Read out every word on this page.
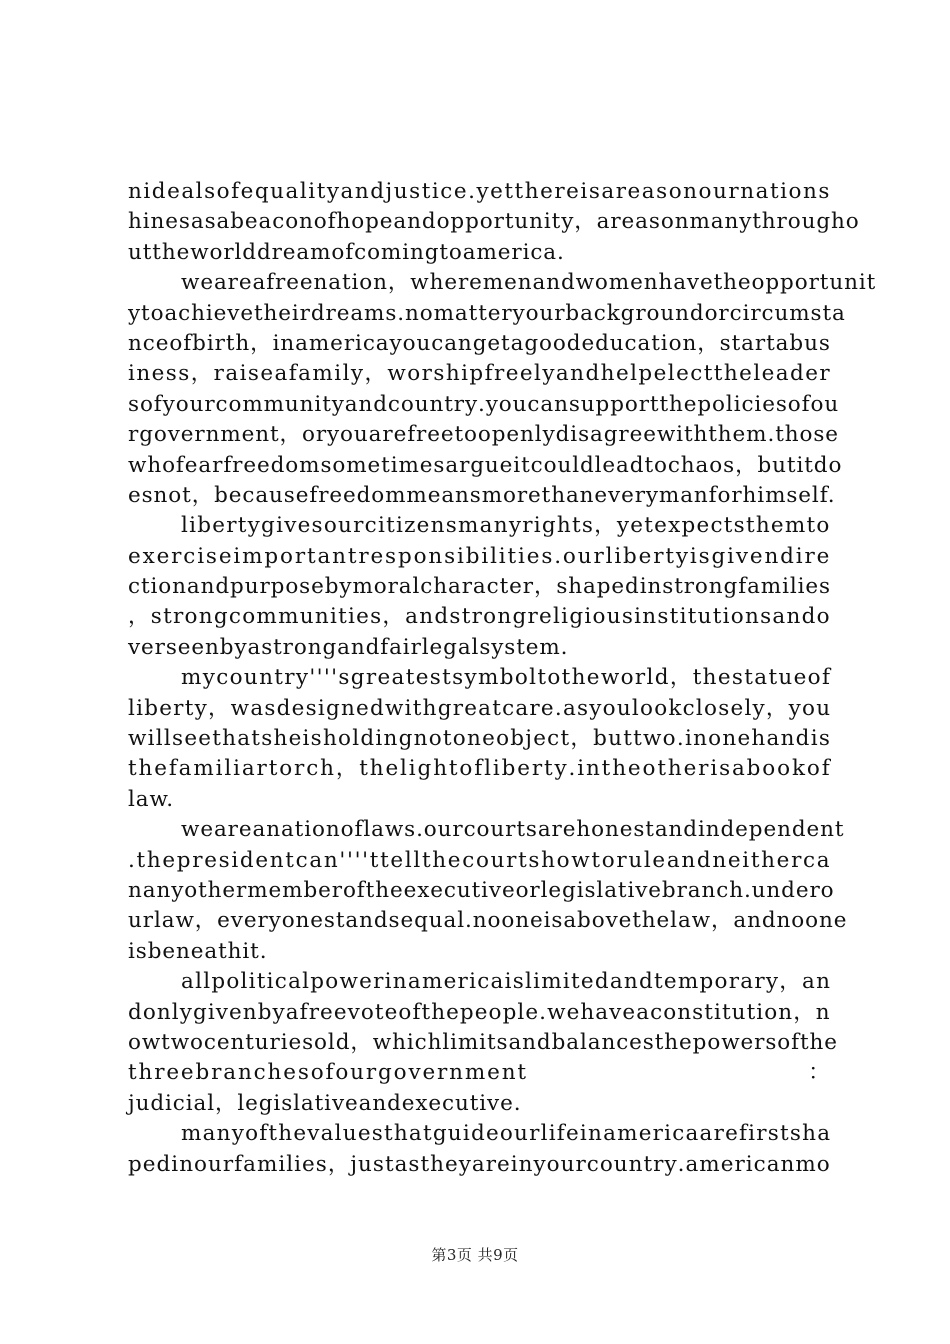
n i d e a l s o f e q u a l i t y a n d j u s t i c e . y e t t h e r e i s a r e a s o n o u r n a t i o n s
h i n e s a s a b e a c o n o f h o p e a n d o p p o r t u n i t y ， a r e a s o n m a n y t h r o u g h o
uttheworlddreamofcomingtoamerica.
w e a r e a f r e e n a t i o n ， w h e r e m e n a n d w o m e n h a v e t h e o p p o r t u n i t
y t o a c h i e v e t h e i r d r e a m s . n o m a t t e r y o u r b a c k g r o u n d o r c i r c u m s t a
n c e o f b i r t h ， i n a m e r i c a y o u c a n g e t a g o o d e d u c a t i o n ， s t a r t a b u s
i n e s s ， r a i s e a f a m i l y ， w o r s h i p f r e e l y a n d h e l p e l e c t t h e l e a d e r
s o f y o u r c o m m u n i t y a n d c o u n t r y . y o u c a n s u p p o r t t h e p o l i c i e s o f o u
r g o v e r n m e n t ， o r y o u a r e f r e e t o o p e n l y d i s a g r e e w i t h t h e m . t h o s e
w h o f e a r f r e e d o m s o m e t i m e s a r g u e i t c o u l d l e a d t o c h a o s ， b u t i t d o
esnot，becausefreedommeansmorethaneverymanforhimself.
l i b e r t y g i v e s o u r c i t i z e n s m a n y r i g h t s ， y e t e x p e c t s t h e m t o
e x e r c i s e i m p o r t a n t r e s p o n s i b i l i t i e s . o u r l i b e r t y i s g i v e n d i r e
c t i o n a n d p u r p o s e b y m o r a l c h a r a c t e r ， s h a p e d i n s t r o n g f a m i l i e s
， s t r o n g c o m m u n i t i e s ， a n d s t r o n g r e l i g i o u s i n s t i t u t i o n s a n d o
verseenbyastrongandfairlegalsystem.
m y c o u n t r y ' ' ' ' s g r e a t e s t s y m b o l t o t h e w o r l d ， t h e s t a t u e o f
l i b e r t y ， w a s d e s i g n e d w i t h g r e a t c a r e . a s y o u l o o k c l o s e l y ， y o u
w i l l s e e t h a t s h e i s h o l d i n g n o t o n e o b j e c t ， b u t t w o . i n o n e h a n d i s
t h e f a m i l i a r t o r c h ， t h e l i g h t o f l i b e r t y . i n t h e o t h e r i s a b o o k o f
law.
w e a r e a n a t i o n o f l a w s . o u r c o u r t s a r e h o n e s t a n d i n d e p e n d e n t
. t h e p r e s i d e n t c a n ' ' ' ' t t e l l t h e c o u r t s h o w t o r u l e a n d n e i t h e r c a
n a n y o t h e r m e m b e r o f t h e e x e c u t i v e o r l e g i s l a t i v e b r a n c h . u n d e r o
u r l a w ， e v e r y o n e s t a n d s e q u a l . n o o n e i s a b o v e t h e l a w ， a n d n o o n e
isbeneathit.
a l l p o l i t i c a l p o w e r i n a m e r i c a i s l i m i t e d a n d t e m p o r a r y ， a n
d o n l y g i v e n b y a f r e e v o t e o f t h e p e o p l e . w e h a v e a c o n s t i t u t i o n ， n
o w t w o c e n t u r i e s o l d ， w h i c h l i m i t s a n d b a l a n c e s t h e p o w e r s o f t h e
t h r e e b r a n c h e s o f o u r g o v e r n m e n t

　	：
judicial，legislativeandexecutive.
m a n y o f t h e v a l u e s t h a t g u i d e o u r l i f e i n a m e r i c a a r e f i r s t s h a
p e d i n o u r f a m i l i e s ， j u s t a s t h e y a r e i n y o u r c o u n t r y . a m e r i c a n m o
第3页 共9页
